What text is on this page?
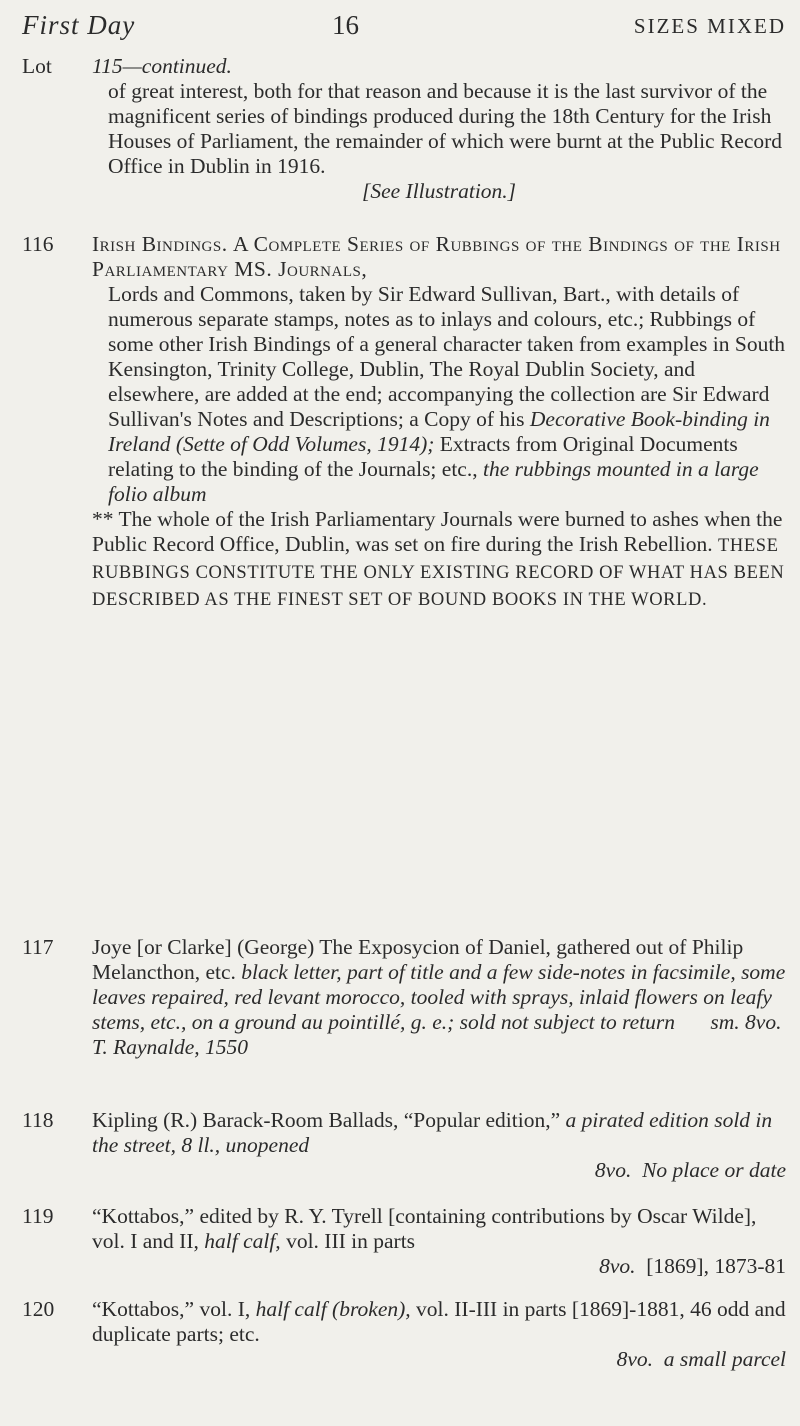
First Day	16	SIZES MIXED
Lot 115—continued.

of great interest, both for that reason and because it is the last survivor of the magnificent series of bindings produced during the 18th Century for the Irish Houses of Parliament, the remainder of which were burnt at the Public Record Office in Dublin in 1916.

[See Illustration.]

116 Irish Bindings. A Complete Series of Rubbings of the Bindings of the Irish Parliamentary MS. Journals,

Lords and Commons, taken by Sir Edward Sullivan, Bart., with details of numerous separate stamps, notes as to inlays and colours, etc.; Rubbings of some other Irish Bindings of a general character taken from examples in South Kensington, Trinity College, Dublin, The Royal Dublin Society, and elsewhere, are added at the end; accompanying the collection are Sir Edward Sullivan's Notes and Descriptions; a Copy of his Decorative Book-binding in Ireland (Sette of Odd Volumes, 1914); Extracts from Original Documents relating to the binding of the Journals; etc., the rubbings mounted in a large folio album

** The whole of the Irish Parliamentary Journals were burned to ashes when the Public Record Office, Dublin, was set on fire during the Irish Rebellion. THESE RUBBINGS CONSTITUTE THE ONLY EXISTING RECORD OF WHAT HAS BEEN DESCRIBED AS THE FINEST SET OF BOUND BOOKS IN THE WORLD.

117 Joye [or Clarke] (George) The Exposycion of Daniel, gathered out of Philip Melancthon, etc. black letter, part of title and a few side-notes in facsimile, some leaves repaired, red levant morocco, tooled with sprays, inlaid flowers on leafy stems, etc., on a ground au pointillé, g. e.; sold not subject to return sm. 8vo. T. Raynalde, 1550

118 Kipling (R.) Barack-Room Ballads, “Popular edition,” a pirated edition sold in the street, 8 ll., unopened

8vo. No place or date

119 “Kottabos,” edited by R. Y. Tyrell [containing contributions by Oscar Wilde], vol. I and II, half calf, vol. III in parts

8vo. [1869], 1873-81

120 “Kottabos,” vol. I, half calf (broken), vol. II-III in parts [1869]-1881, 46 odd and duplicate parts; etc.

8vo. a small parcel
